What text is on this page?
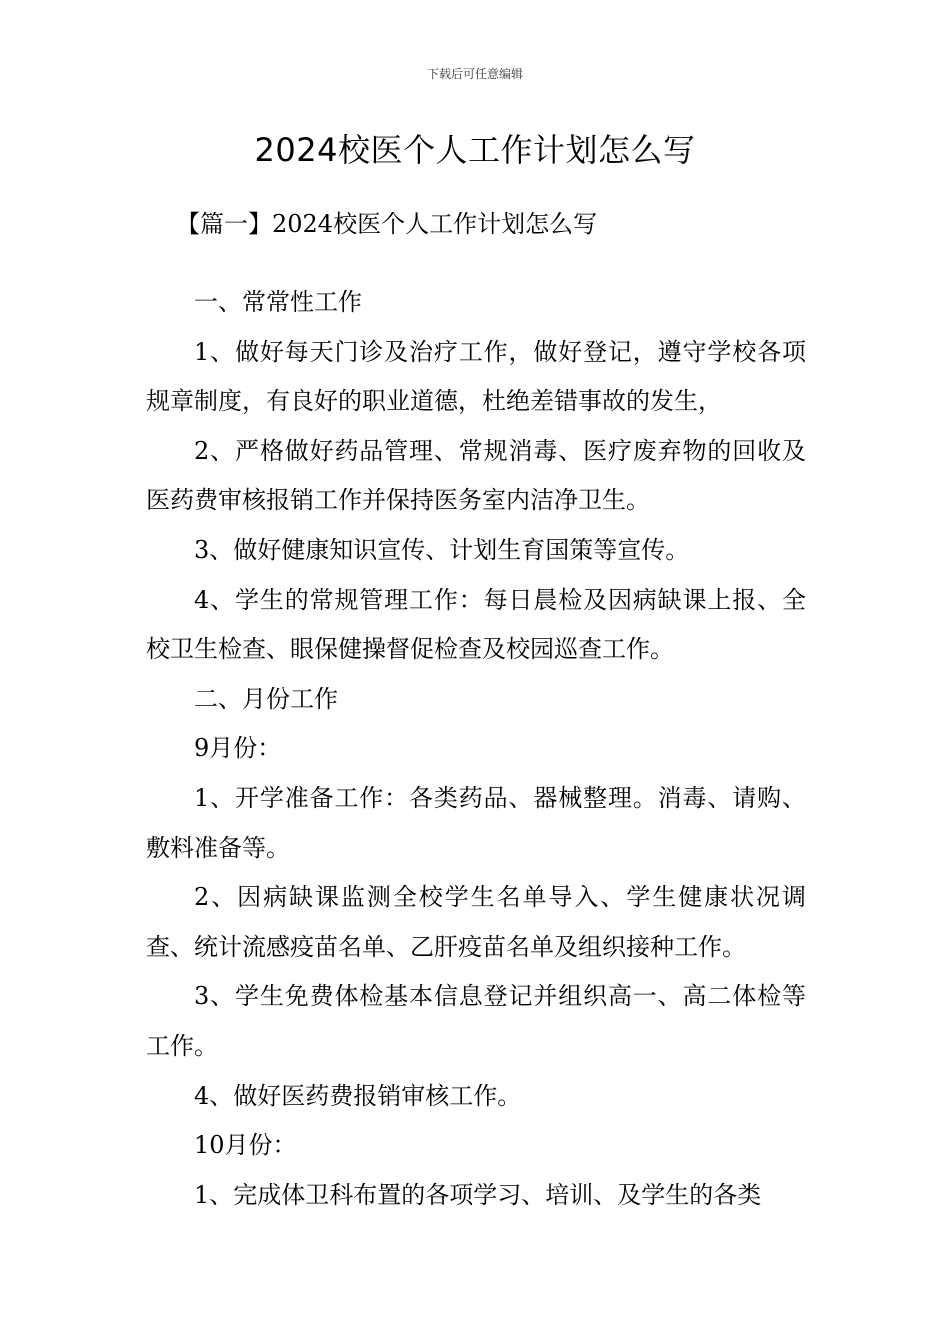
下载后可任意编辑
2024校医个人工作计划怎么写
【篇一】2024校医个人工作计划怎么写

一、常常性工作

1、做好每天门诊及治疗工作，做好登记，遵守学校各项规章制度，有良好的职业道德，杜绝差错事故的发生，

2、严格做好药品管理、常规消毒、医疗废弃物的回收及医药费审核报销工作并保持医务室内洁净卫生。

3、做好健康知识宣传、计划生育国策等宣传。

4、学生的常规管理工作：每日晨检及因病缺课上报、全校卫生检查、眼保健操督促检查及校园巡查工作。

二、月份工作

9月份：

1、开学准备工作：各类药品、器械整理。消毒、请购、敷料准备等。

2、因病缺课监测全校学生名单导入、学生健康状况调查、统计流感疫苗名单、乙肝疫苗名单及组织接种工作。

3、学生免费体检基本信息登记并组织高一、高二体检等工作。

4、做好医药费报销审核工作。

10月份：

1、完成体卫科布置的各项学习、培训、及学生的各类
